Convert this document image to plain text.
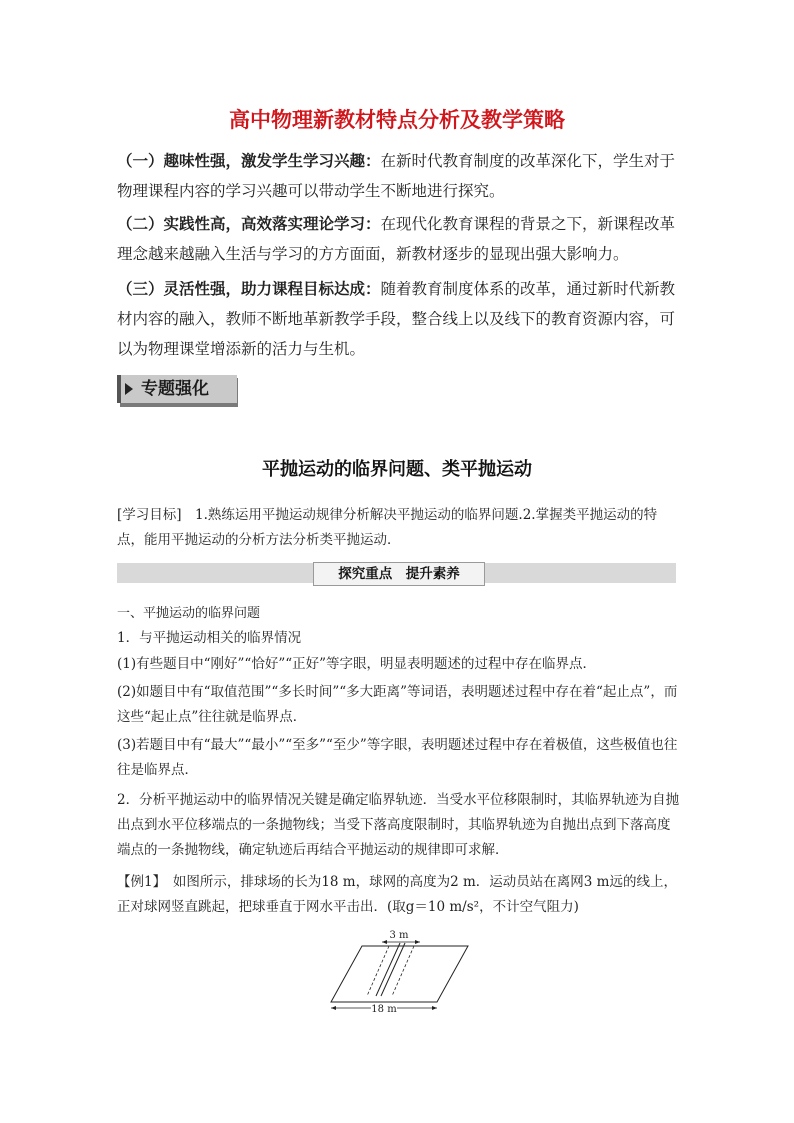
高中物理新教材特点分析及教学策略
（一）趣味性强，激发学生学习兴趣：在新时代教育制度的改革深化下，学生对于物理课程内容的学习兴趣可以带动学生不断地进行探究。
（二）实践性高，高效落实理论学习：在现代化教育课程的背景之下，新课程改革理念越来越融入生活与学习的方方面面，新教材逐步的显现出强大影响力。
（三）灵活性强，助力课程目标达成：随着教育制度体系的改革，通过新时代新教材内容的融入，教师不断地革新教学手段，整合线上以及线下的教育资源内容，可以为物理课堂增添新的活力与生机。
专题强化
平抛运动的临界问题、类平抛运动
[学习目标]　1.熟练运用平抛运动规律分析解决平抛运动的临界问题.2.掌握类平抛运动的特点，能用平抛运动的分析方法分析类平抛运动．
探究重点　提升素养
一、平抛运动的临界问题
1．与平抛运动相关的临界情况
(1)有些题目中“刚好”“恰好”“正好”等字眼，明显表明题述的过程中存在临界点．
(2)如题目中有“取值范围”“多长时间”“多大距离”等词语，表明题述过程中存在着“起止点”，而这些“起止点”往往就是临界点．
(3)若题目中有“最大”“最小”“至多”“至少”等字眼，表明题述过程中存在着极值，这些极值也往往是临界点．
2．分析平抛运动中的临界情况关键是确定临界轨迹．当受水平位移限制时，其临界轨迹为自抛出点到水平位移端点的一条抛物线；当受下落高度限制时，其临界轨迹为自抛出点到下落高度端点的一条抛物线，确定轨迹后再结合平抛运动的规律即可求解．
【例1】　如图所示，排球场的长为18 m，球网的高度为2 m．运动员站在离网3 m远的线上，正对球网竖直跳起，把球垂直于网水平击出．(取g＝10 m/s²，不计空气阻力)
3 m
18 m
